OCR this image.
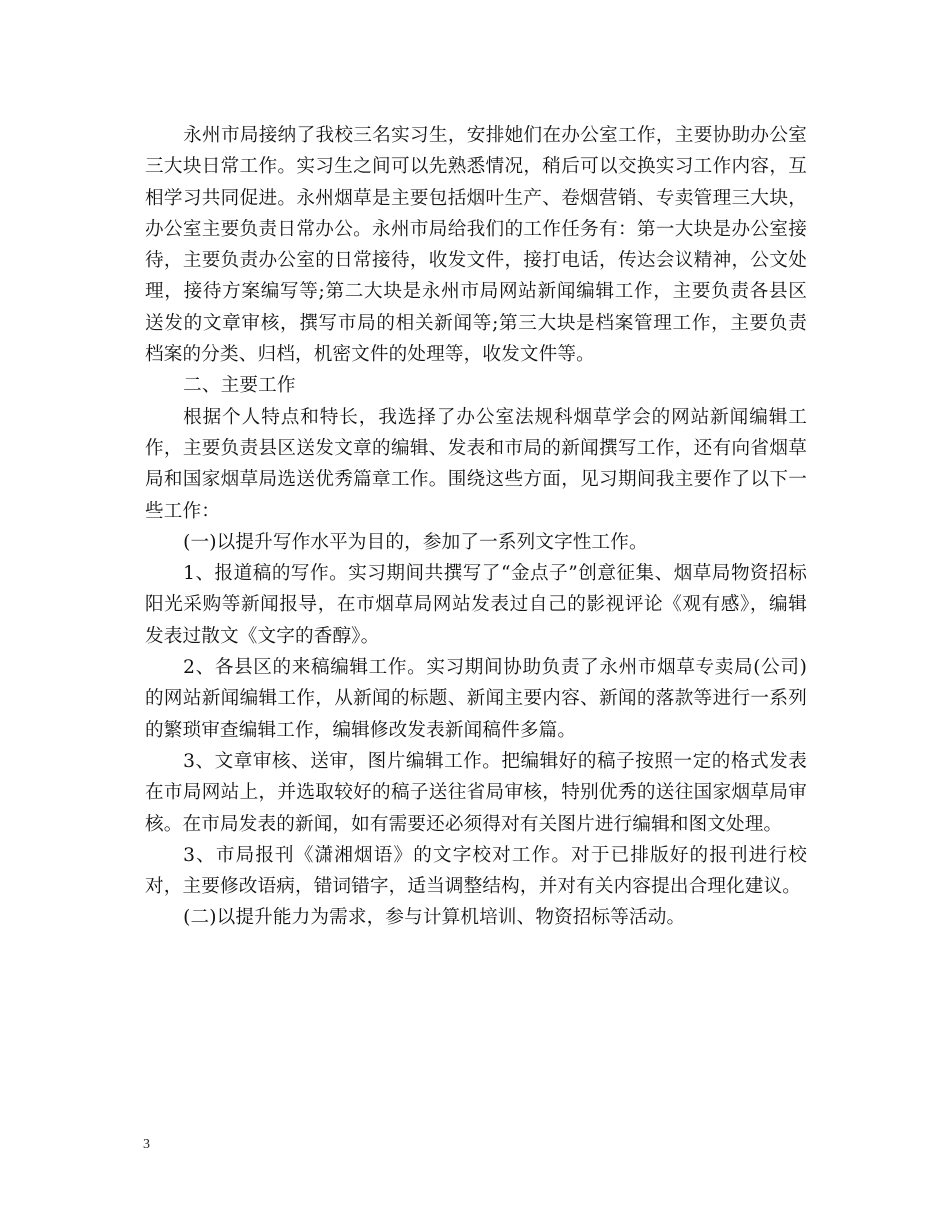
永州市局接纳了我校三名实习生，安排她们在办公室工作，主要协助办公室三大块日常工作。实习生之间可以先熟悉情况，稍后可以交换实习工作内容，互相学习共同促进。永州烟草是主要包括烟叶生产、卷烟营销、专卖管理三大块，办公室主要负责日常办公。永州市局给我们的工作任务有：第一大块是办公室接待，主要负责办公室的日常接待，收发文件，接打电话，传达会议精神，公文处理，接待方案编写等;第二大块是永州市局网站新闻编辑工作，主要负责各县区送发的文章审核，撰写市局的相关新闻等;第三大块是档案管理工作，主要负责档案的分类、归档，机密文件的处理等，收发文件等。

二、主要工作

根据个人特点和特长，我选择了办公室法规科烟草学会的网站新闻编辑工作，主要负责县区送发文章的编辑、发表和市局的新闻撰写工作，还有向省烟草局和国家烟草局选送优秀篇章工作。围绕这些方面，见习期间我主要作了以下一些工作：

(一)以提升写作水平为目的，参加了一系列文字性工作。

1、报道稿的写作。实习期间共撰写了“金点子”创意征集、烟草局物资招标阳光采购等新闻报导，在市烟草局网站发表过自己的影视评论《观有感》，编辑发表过散文《文字的香醇》。

2、各县区的来稿编辑工作。实习期间协助负责了永州市烟草专卖局(公司)的网站新闻编辑工作，从新闻的标题、新闻主要内容、新闻的落款等进行一系列的繁琐审查编辑工作，编辑修改发表新闻稿件多篇。

3、文章审核、送审，图片编辑工作。把编辑好的稿子按照一定的格式发表在市局网站上，并选取较好的稿子送往省局审核，特别优秀的送往国家烟草局审核。在市局发表的新闻，如有需要还必须得对有关图片进行编辑和图文处理。

3、市局报刊《潇湘烟语》的文字校对工作。对于已排版好的报刊进行校对，主要修改语病，错词错字，适当调整结构，并对有关内容提出合理化建议。

(二)以提升能力为需求，参与计算机培训、物资招标等活动。

3
